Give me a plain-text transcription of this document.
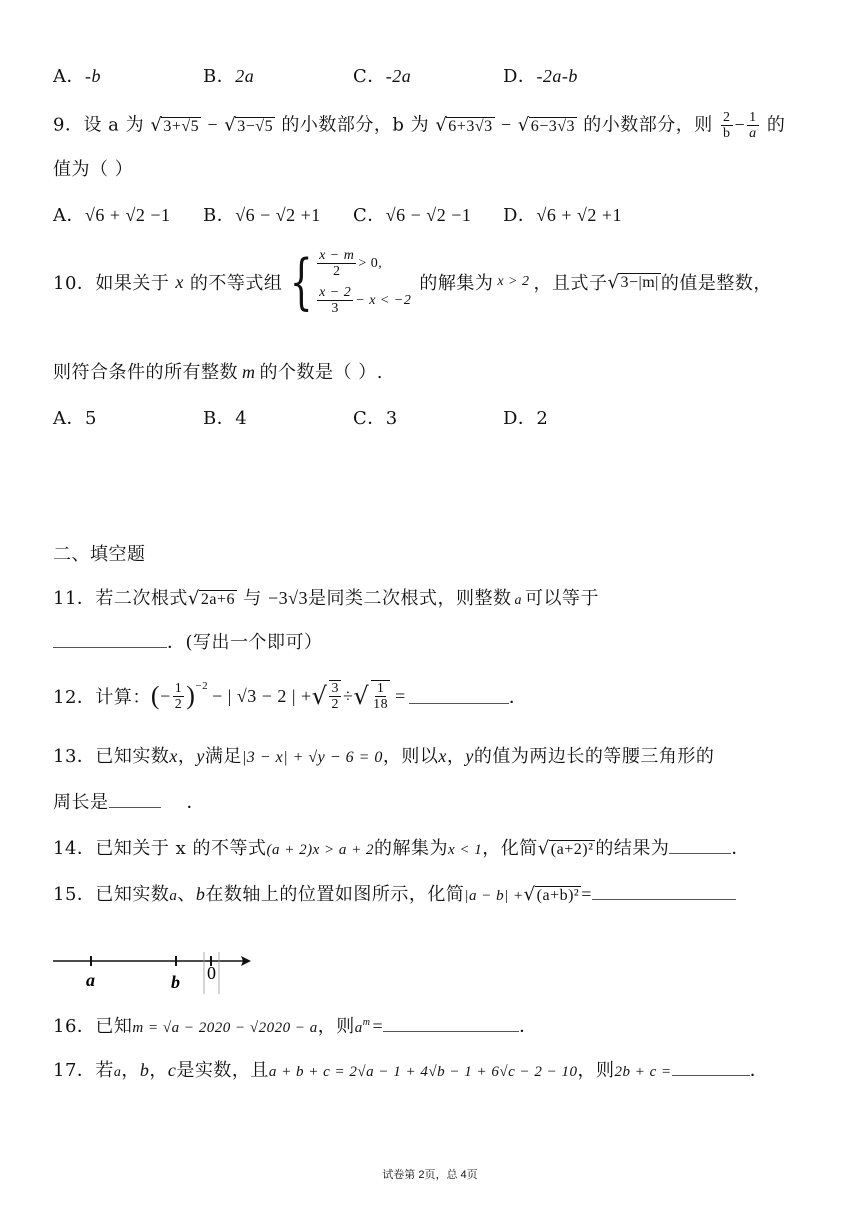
A．-b	B．2a	C．-2a	D．-2a-b
9．设 a 为 √3+√5 − √3−√5 的小数部分，b 为 √6+3√3 − √6−3√3 的小数部分，则 $\frac{2}{b} - \frac{1}{a}$ 的
值为（ ）
A．√6 + √2 −1 B．√6 − √2 +1 C．√6 − √2 −1 D．√6 + √2 +1
10．如果关于 x 的不等式组 { $\frac{x - m}{2} > 0$,
$\frac{x - 2}{3} - x < -2$
的解集为 x > 2 ，且式子 √ 3−|m| 的值是整数，
则符合条件的所有整数 m 的个数是（ ）.
A．5	B．4	C．3	D．2
二、填空题
11．若二次根式√2a+6 与 −3√3是同类二次根式，则整数 a 可以等于
．(写出一个即可）
12．计算： ( − $\frac{1}{2} )^{-2}$ − | √3 − 2 | + √ $\frac{3}{2}$ ÷ √ $\frac{1}{18}$ =	．
13．已知实数x，y满足|3 − x| + √y − 6 = 0，则以x，y的值为两边长的等腰三角形的
周长是	．
14．已知关于 x 的不等式(a + 2)x > a + 2的解集为x < 1，化简√(a+2)² 的结果为	．
15．已知实数a、b在数轴上的位置如图所示，化简|a − b| +√(a+b)² =
a	b 0
16．已知m = √a − 2020 − √2020 − a，则$a^m$ =	．
17．若a，b，c是实数，且a + b + c = 2√a − 1 + 4√b − 1 + 6√c − 2 − 10，则2b + c =	．
试卷第 2页，总 4页
